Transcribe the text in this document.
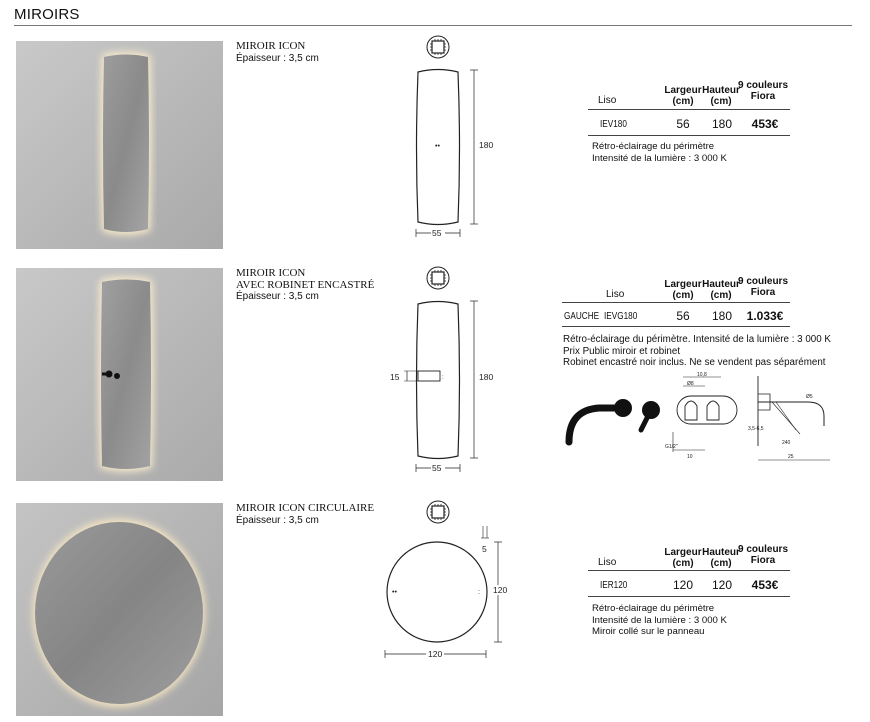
MIROIRS
MIROIR ICON
Épaisseur : 3,5 cm
••	180
55
Liso
Largeur
(cm)
Hauteur
(cm)
9 couleurs
Fiora
IEV180	56	180	453€
Rétro-éclairage du périmètre
Intensité de la lumière : 3 000 K
MIROIR ICON
AVEC ROBINET ENCASTRÉ
Épaisseur : 3,5 cm
:
15	180
55
Liso
Largeur
(cm)
Hauteur
(cm)
9 couleurs
Fiora
GAUCHE IEVG180	56	180	1.033€
Rétro-éclairage du périmètre. Intensité de la lumière : 3 000 K
Prix Public miroir et robinet
Robinet encastré noir inclus. Ne se vendent pas séparément
10,8
Ø8
10
G1/2"
25
3,5-6,5
Ø5
240
MIROIR ICON CIRCULAIRE
Épaisseur : 3,5 cm
••	:
5
120
120
Liso
Largeur
(cm)
Hauteur
(cm)
9 couleurs
Fiora
IER120	120	120	453€
Rétro-éclairage du périmètre
Intensité de la lumière : 3 000 K
Miroir collé sur le panneau
